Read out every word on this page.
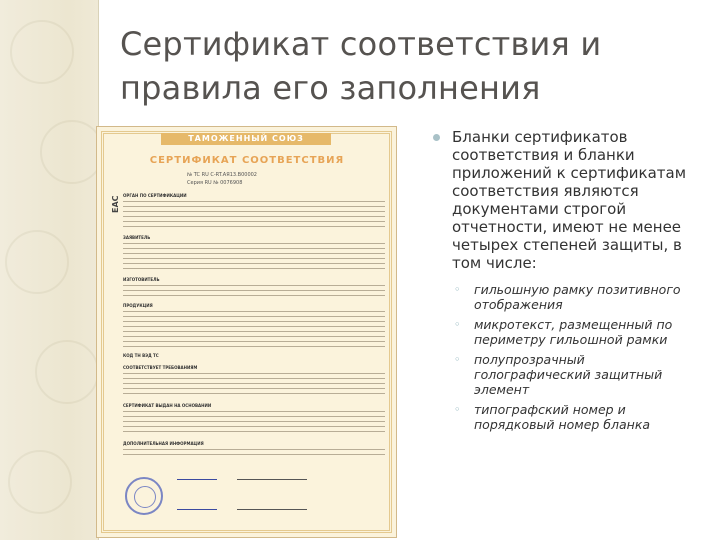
Сертификат соответствия и правила его заполнения
ТАМОЖЕННЫЙ СОЮЗ
СЕРТИФИКАТ СООТВЕТСТВИЯ
EAC
№ TC RU C-RT.АЯ13.B00002
Серия RU № 0076908
ОРГАН ПО СЕРТИФИКАЦИИ
ЗАЯВИТЕЛЬ
ИЗГОТОВИТЕЛЬ
ПРОДУКЦИЯ
КОД ТН ВЭД ТС
СООТВЕТСТВУЕТ ТРЕБОВАНИЯМ
СЕРТИФИКАТ ВЫДАН НА ОСНОВАНИИ
ДОПОЛНИТЕЛЬНАЯ ИНФОРМАЦИЯ
Бланки сертификатов соответствия и бланки приложений к сертификатам соответствия являются документами строгой отчетности, имеют не менее четырех степеней защиты, в том числе:
◦ гильошную рамку позитивного отображения
◦ микротекст, размещенный по периметру гильошной рамки
◦ полупрозрачный голографический защитный элемент
◦ типографский номер и порядковый номер бланка
